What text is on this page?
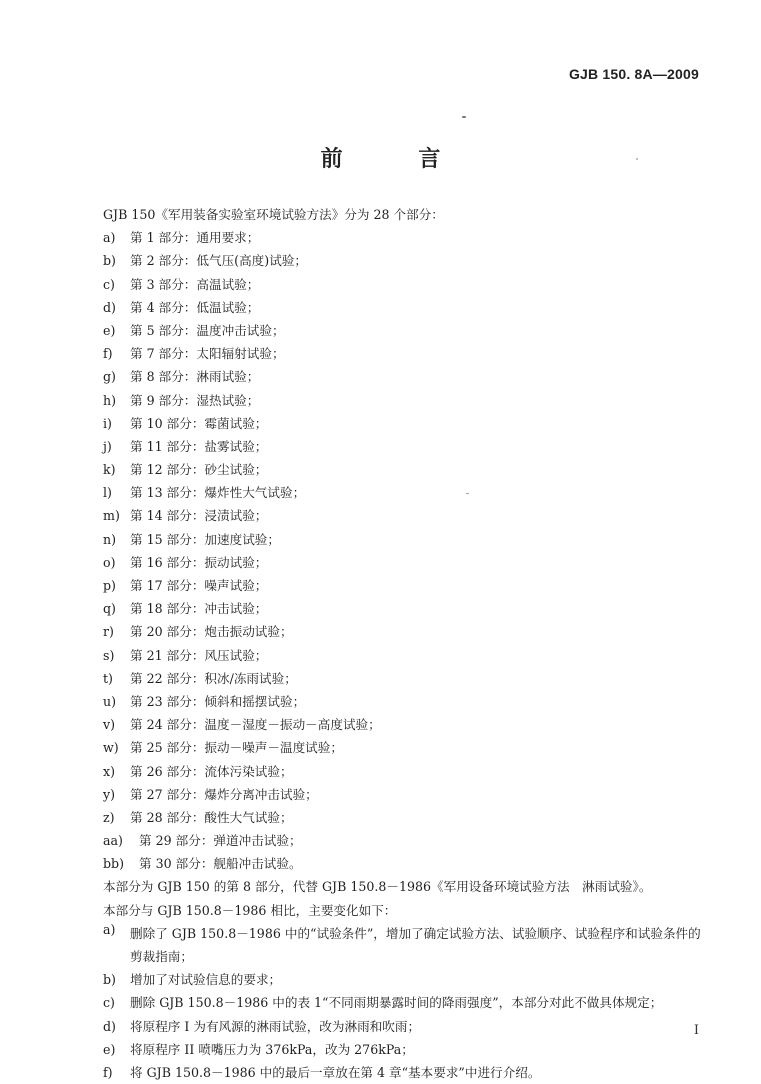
GJB 150. 8A—2009
前 言
GJB 150《军用装备实验室环境试验方法》分为 28 个部分：
a)	第 1 部分：通用要求；
b)	第 2 部分：低气压(高度)试验；
c)	第 3 部分：高温试验；
d)	第 4 部分：低温试验；
e)	第 5 部分：温度冲击试验；
f)	第 7 部分：太阳辐射试验；
g)	第 8 部分：淋雨试验；
h)	第 9 部分：湿热试验；
i)	第 10 部分：霉菌试验；
j)	第 11 部分：盐雾试验；
k)	第 12 部分：砂尘试验；
l)	第 13 部分：爆炸性大气试验；
m) 第 14 部分：浸渍试验；
n)	第 15 部分：加速度试验；
o)	第 16 部分：振动试验；
p)	第 17 部分：噪声试验；
q)	第 18 部分：冲击试验；
r)	第 20 部分：炮击振动试验；
s)	第 21 部分：风压试验；
t)	第 22 部分：积冰/冻雨试验；
u)	第 23 部分：倾斜和摇摆试验；
v)	第 24 部分：温度－湿度－振动－高度试验；
w) 第 25 部分：振动－噪声－温度试验；
x)	第 26 部分：流体污染试验；
y)	第 27 部分：爆炸分离冲击试验；
z)	第 28 部分：酸性大气试验；
aa)	第 29 部分：弹道冲击试验；
bb)	第 30 部分：舰船冲击试验。
本部分为 GJB 150 的第 8 部分，代替 GJB 150.8－1986《军用设备环境试验方法　淋雨试验》。
本部分与 GJB 150.8－1986 相比，主要变化如下：
a)	删除了 GJB 150.8－1986 中的“试验条件”，增加了确定试验方法、试验顺序、试验程序和试验条件的剪裁指南；
b)	增加了对试验信息的要求；
c)	删除 GJB 150.8－1986 中的表 1“不同雨期暴露时间的降雨强度”，本部分对此不做具体规定；
d)	将原程序 I 为有风源的淋雨试验，改为淋雨和吹雨；
e)	将原程序 II 喷嘴压力为 376kPa，改为 276kPa；
f)	将 GJB 150.8－1986 中的最后一章放在第 4 章“基本要求”中进行介绍。
I
